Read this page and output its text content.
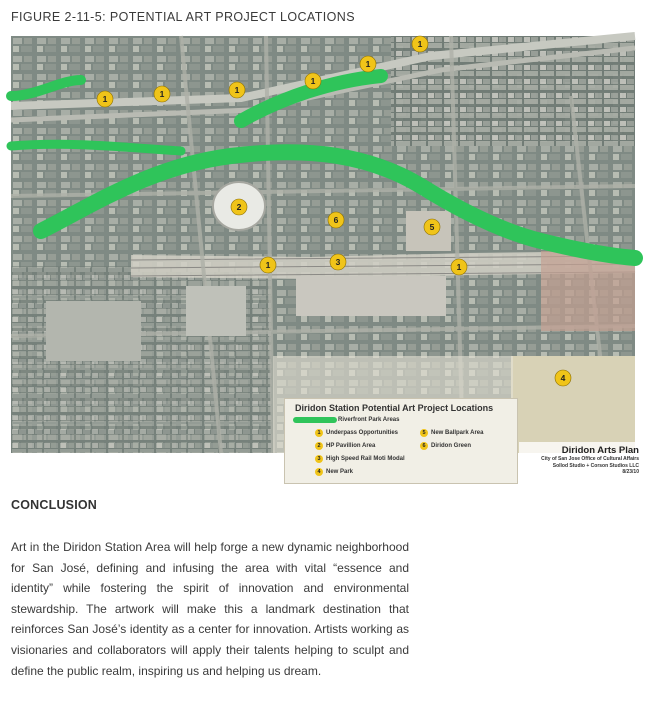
FIGURE 2-11-5: POTENTIAL ART PROJECT LOCATIONS
1	1	1
1
1
1
1	1
2
3
4
5
6
Diridon Station Potential Art Project Locations
Riverfront Park Areas
1 Underpass Opportunities
2 HP Pavillion Area
3 High Speed Rail Moti Modal
4 New Park
5 New Ballpark Area
6 Diridon Green	Diridon Arts Plan
City of San Jose Office of Cultural Affairs
Sollod Studio + Corson Studios LLC
8/23/10
CONCLUSION

Art in the Diridon Station Area will help forge a new dynamic neighborhood for San José, defining and infusing the area with vital “essence and identity” while fostering the spirit of innovation and environmental stewardship. The artwork will make this a landmark destination that reinforces San José’s identity as a center for innovation. Artists working as visionaries and collaborators will apply their talents helping to sculpt and define the public realm, inspiring us and helping us dream.
